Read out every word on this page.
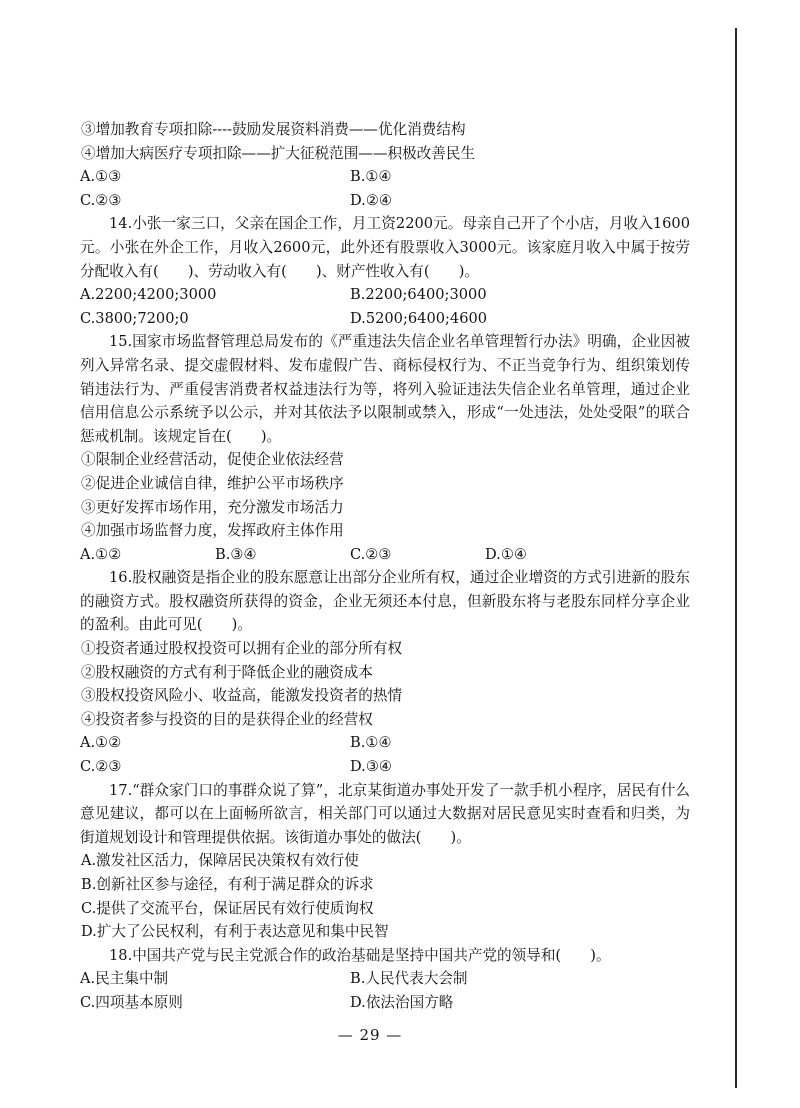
③增加教育专项扣除----鼓励发展资料消费——优化消费结构
④增加大病医疗专项扣除——扩大征税范围——积极改善民生
A.①③	B.①④
C.②③	D.②④
14.小张一家三口，父亲在国企工作，月工资2200元。母亲自己开了个小店，月收入1600元。小张在外企工作，月收入2600元，此外还有股票收入3000元。该家庭月收入中属于按劳分配收入有(　　)、劳动收入有(　　)、财产性收入有(　　)。
A.2200;4200;3000	B.2200;6400;3000
C.3800;7200;0	D.5200;6400;4600
15.国家市场监督管理总局发布的《严重违法失信企业名单管理暂行办法》明确，企业因被列入异常名录、提交虚假材料、发布虚假广告、商标侵权行为、不正当竞争行为、组织策划传销违法行为、严重侵害消费者权益违法行为等，将列入验证违法失信企业名单管理，通过企业信用信息公示系统予以公示，并对其依法予以限制或禁入，形成“一处违法，处处受限”的联合惩戒机制。该规定旨在(　　)。
①限制企业经营活动，促使企业依法经营
②促进企业诚信自律，维护公平市场秩序
③更好发挥市场作用，充分激发市场活力
④加强市场监督力度，发挥政府主体作用
A.①②	B.③④	C.②③	D.①④
16.股权融资是指企业的股东愿意让出部分企业所有权，通过企业增资的方式引进新的股东的融资方式。股权融资所获得的资金，企业无须还本付息，但新股东将与老股东同样分享企业的盈利。由此可见(　　)。
①投资者通过股权投资可以拥有企业的部分所有权
②股权融资的方式有利于降低企业的融资成本
③股权投资风险小、收益高，能激发投资者的热情
④投资者参与投资的目的是获得企业的经营权
A.①②	B.①④
C.②③	D.③④
17.“群众家门口的事群众说了算”，北京某街道办事处开发了一款手机小程序，居民有什么意见建议，都可以在上面畅所欲言，相关部门可以通过大数据对居民意见实时查看和归类，为街道规划设计和管理提供依据。该街道办事处的做法(　　)。
A.激发社区活力，保障居民决策权有效行使
B.创新社区参与途径，有利于满足群众的诉求
C.提供了交流平台，保证居民有效行使质询权
D.扩大了公民权利，有利于表达意见和集中民智
18.中国共产党与民主党派合作的政治基础是坚持中国共产党的领导和(　　)。
A.民主集中制	B.人民代表大会制
C.四项基本原则	D.依法治国方略
— 29 —
